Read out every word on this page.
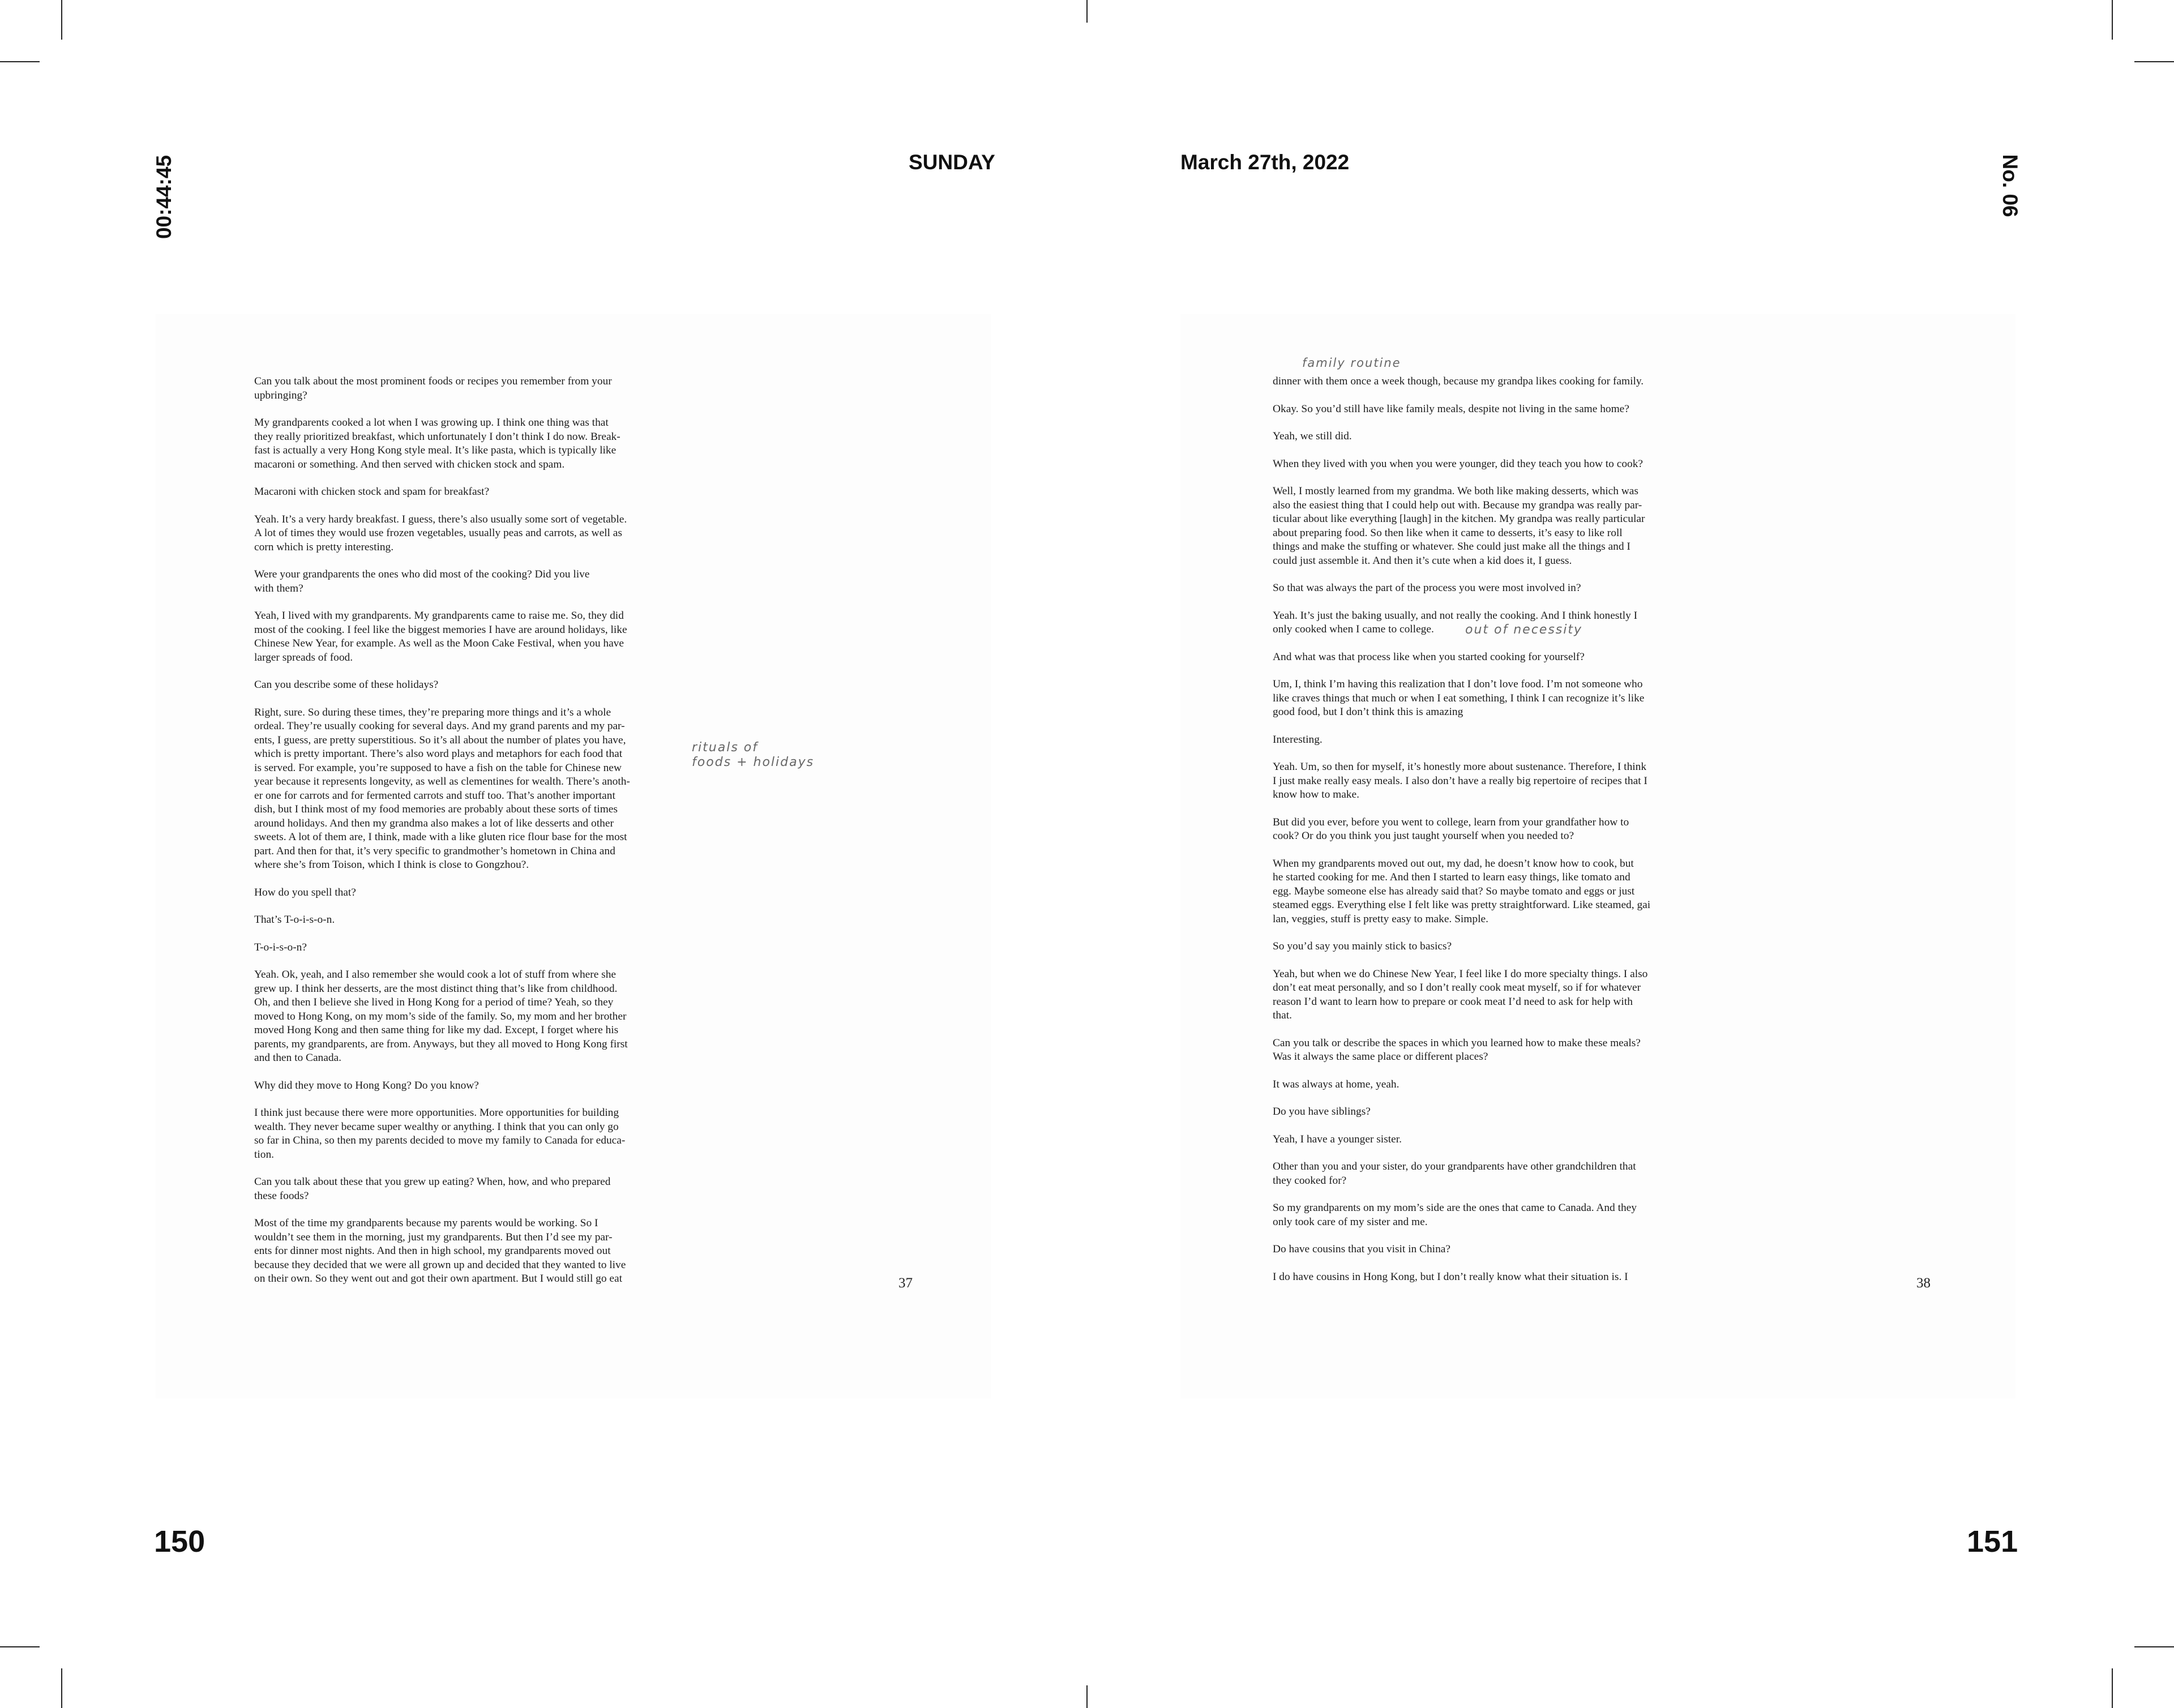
00:44:45	SUNDAY	March 27th, 2022	No. 06

Can you talk about the most prominent foods or recipes you remember from your
upbringing?

My grandparents cooked a lot when I was growing up. I think one thing was that
they really prioritized breakfast, which unfortunately I don’t think I do now. Break-
fast is actually a very Hong Kong style meal. It’s like pasta, which is typically like
macaroni or something. And then served with chicken stock and spam.

Macaroni with chicken stock and spam for breakfast?

Yeah. It’s a very hardy breakfast. I guess, there’s also usually some sort of vegetable.
A lot of times they would use frozen vegetables, usually peas and carrots, as well as
corn which is pretty interesting.

Were your grandparents the ones who did most of the cooking? Did you live
with them?

Yeah, I lived with my grandparents. My grandparents came to raise me. So, they did
most of the cooking. I feel like the biggest memories I have are around holidays, like
Chinese New Year, for example. As well as the Moon Cake Festival, when you have
larger spreads of food.

Can you describe some of these holidays?

Right, sure. So during these times, they’re preparing more things and it’s a whole
ordeal. They’re usually cooking for several days. And my grand parents and my par-
ents, I guess, are pretty superstitious. So it’s all about the number of plates you have,
which is pretty important. There’s also word plays and metaphors for each food that
is served. For example, you’re supposed to have a fish on the table for Chinese new
year because it represents longevity, as well as clementines for wealth. There’s anoth-
er one for carrots and for fermented carrots and stuff too. That’s another important
dish, but I think most of my food memories are probably about these sorts of times
around holidays. And then my grandma also makes a lot of like desserts and other
sweets. A lot of them are, I think, made with a like gluten rice flour base for the most
part. And then for that, it’s very specific to grandmother’s hometown in China and
where she’s from Toison, which I think is close to Gongzhou?.

How do you spell that?

That’s T-o-i-s-o-n.

T-o-i-s-o-n?

Yeah. Ok, yeah, and I also remember she would cook a lot of stuff from where she
grew up. I think her desserts, are the most distinct thing that’s like from childhood.
Oh, and then I believe she lived in Hong Kong for a period of time? Yeah, so they
moved to Hong Kong, on my mom’s side of the family. So, my mom and her brother
moved Hong Kong and then same thing for like my dad. Except, I forget where his
parents, my grandparents, are from. Anyways, but they all moved to Hong Kong first
and then to Canada.

Why did they move to Hong Kong? Do you know?

I think just because there were more opportunities. More opportunities for building
wealth. They never became super wealthy or anything. I think that you can only go
so far in China, so then my parents decided to move my family to Canada for educa-
tion.

Can you talk about these that you grew up eating? When, how, and who prepared
these foods?

Most of the time my grandparents because my parents would be working. So I
wouldn’t see them in the morning, just my grandparents. But then I’d see my par-
ents for dinner most nights. And then in high school, my grandparents moved out
because they decided that we were all grown up and decided that they wanted to live
on their own. So they went out and got their own apartment. But I would still go eat

rituals of
foods + holidays
37
family routine

dinner with them once a week though, because my grandpa likes cooking for family.

Okay. So you’d still have like family meals, despite not living in the same home?

Yeah, we still did.

When they lived with you when you were younger, did they teach you how to cook?

Well, I mostly learned from my grandma. We both like making desserts, which was
also the easiest thing that I could help out with. Because my grandpa was really par-
ticular about like everything [laugh] in the kitchen. My grandpa was really particular
about preparing food. So then like when it came to desserts, it’s easy to like roll
things and make the stuffing or whatever. She could just make all the things and I
could just assemble it. And then it’s cute when a kid does it, I guess.

So that was always the part of the process you were most involved in?

Yeah. It’s just the baking usually, and not really the cooking. And I think honestly I
only cooked when I came to college.

And what was that process like when you started cooking for yourself?

Um, I, think I’m having this realization that I don’t love food. I’m not someone who
like craves things that much or when I eat something, I think I can recognize it’s like
good food, but I don’t think this is amazing

Interesting.

Yeah. Um, so then for myself, it’s honestly more about sustenance. Therefore, I think
I just make really easy meals. I also don’t have a really big repertoire of recipes that I
know how to make.

But did you ever, before you went to college, learn from your grandfather how to
cook? Or do you think you just taught yourself when you needed to?

When my grandparents moved out out, my dad, he doesn’t know how to cook, but
he started cooking for me. And then I started to learn easy things, like tomato and
egg. Maybe someone else has already said that? So maybe tomato and eggs or just
steamed eggs. Everything else I felt like was pretty straightforward. Like steamed, gai
lan, veggies, stuff is pretty easy to make. Simple.

So you’d say you mainly stick to basics?

Yeah, but when we do Chinese New Year, I feel like I do more specialty things. I also
don’t eat meat personally, and so I don’t really cook meat myself, so if for whatever
reason I’d want to learn how to prepare or cook meat I’d need to ask for help with
that.

Can you talk or describe the spaces in which you learned how to make these meals?
Was it always the same place or different places?

It was always at home, yeah.

Do you have siblings?

Yeah, I have a younger sister.

Other than you and your sister, do your grandparents have other grandchildren that
they cooked for?

So my grandparents on my mom’s side are the ones that came to Canada. And they
only took care of my sister and me.

Do have cousins that you visit in China?

I do have cousins in Hong Kong, but I don’t really know what their situation is. I

out of necessity
38
150	151
